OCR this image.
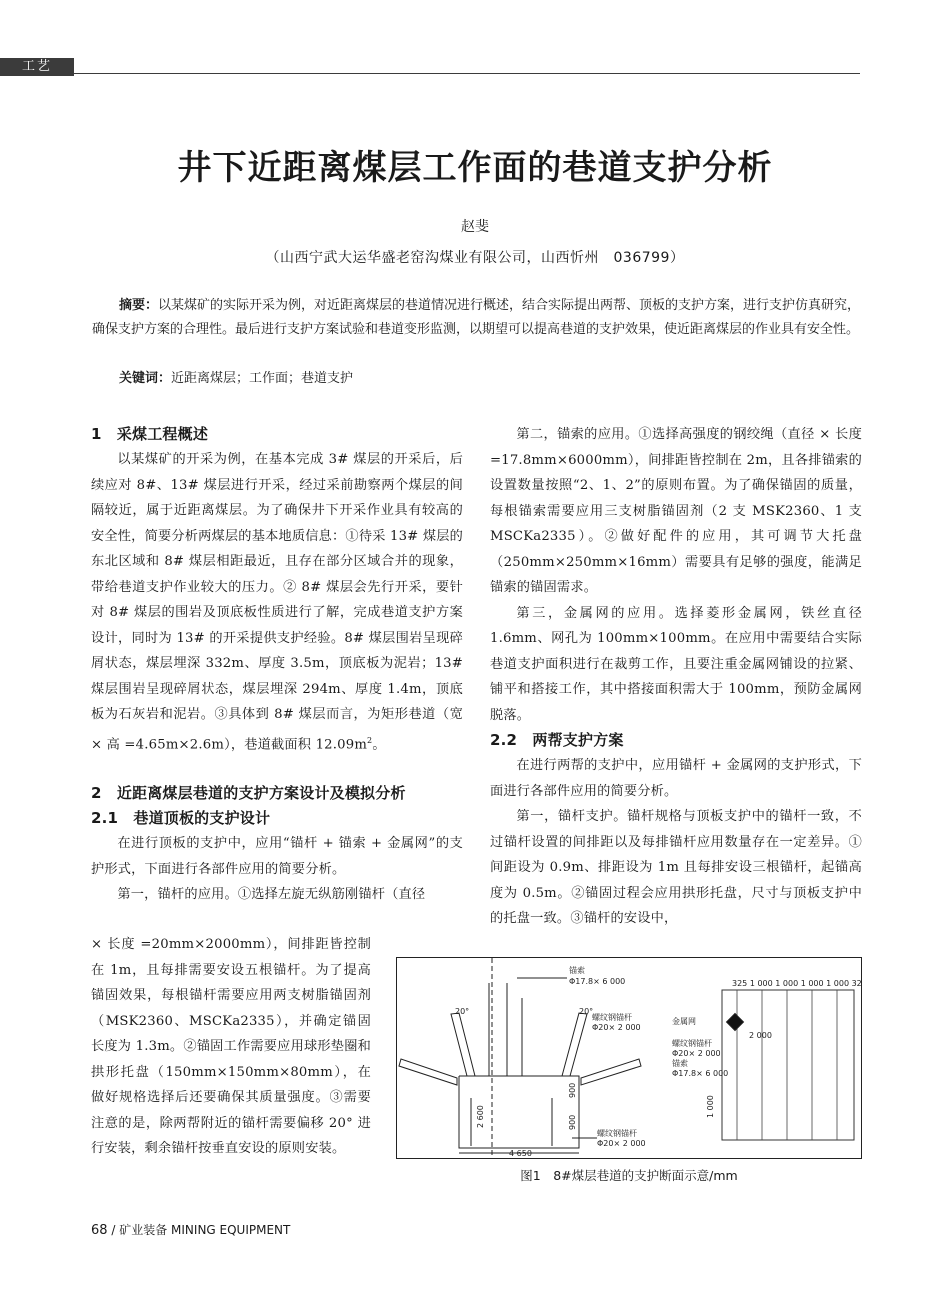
工艺
井下近距离煤层工作面的巷道支护分析
赵斐
（山西宁武大运华盛老窑沟煤业有限公司，山西忻州　036799）
摘要：以某煤矿的实际开采为例，对近距离煤层的巷道情况进行概述，结合实际提出两帮、顶板的支护方案，进行支护仿真研究，确保支护方案的合理性。最后进行支护方案试验和巷道变形监测，以期望可以提高巷道的支护效果，使近距离煤层的作业具有安全性。
关键词：近距离煤层；工作面；巷道支护
1　采煤工程概述

以某煤矿的开采为例，在基本完成 3# 煤层的开采后，后续应对 8#、13# 煤层进行开采，经过采前勘察两个煤层的间隔较近，属于近距离煤层。为了确保井下开采作业具有较高的安全性，简要分析两煤层的基本地质信息：①待采 13# 煤层的东北区域和 8# 煤层相距最近，且存在部分区域合并的现象，带给巷道支护作业较大的压力。② 8# 煤层会先行开采，要针对 8# 煤层的围岩及顶底板性质进行了解，完成巷道支护方案设计，同时为 13# 的开采提供支护经验。8# 煤层围岩呈现碎屑状态，煤层埋深 332m、厚度 3.5m，顶底板为泥岩；13# 煤层围岩呈现碎屑状态，煤层埋深 294m、厚度 1.4m，顶底板为石灰岩和泥岩。③具体到 8# 煤层而言，为矩形巷道（宽 × 高 =4.65m×2.6m），巷道截面积 $12.09m^2$。

2　近距离煤层巷道的支护方案设计及模拟分析
2.1　巷道顶板的支护设计

在进行顶板的支护中，应用“锚杆 + 锚索 + 金属网”的支护形式，下面进行各部件应用的简要分析。

第一，锚杆的应用。①选择左旋无纵筋刚锚杆（直径

× 长度 =20mm×2000mm），间排距皆控制在 1m，且每排需要安设五根锚杆。为了提高锚固效果，每根锚杆需要应用两支树脂锚固剂（MSK2360、MSCKa2335），并确定锚固长度为 1.3m。②锚固工作需要应用球形垫圈和拱形托盘（150mm×150mm×80mm），在做好规格选择后还要确保其质量强度。③需要注意的是，除两帮附近的锚杆需要偏移 20° 进行安装，剩余锚杆按垂直安设的原则安装。

第二，锚索的应用。①选择高强度的钢绞绳（直径 × 长度 =17.8mm×6000mm），间排距皆控制在 2m，且各排锚索的设置数量按照“2、1、2”的原则布置。为了确保锚固的质量，每根锚索需要应用三支树脂锚固剂（2 支 MSK2360、1 支 MSCKa2335）。②做好配件的应用，其可调节大托盘（250mm×250mm×16mm）需要具有足够的强度，能满足锚索的锚固需求。

第三，金属网的应用。选择菱形金属网，铁丝直径 1.6mm、网孔为 100mm×100mm。在应用中需要结合实际巷道支护面积进行在裁剪工作，且要注重金属网铺设的拉紧、铺平和搭接工作，其中搭接面积需大于 100mm，预防金属网脱落。

2.2　两帮支护方案

在进行两帮的支护中，应用锚杆 + 金属网的支护形式，下面进行各部件应用的简要分析。

第一，锚杆支护。锚杆规格与顶板支护中的锚杆一致，不过锚杆设置的间排距以及每排锚杆应用数量存在一定差异。①间距设为 0.9m、排距设为 1m 且每排安设三根锚杆，起锚高度为 0.5m。②锚固过程会应用拱形托盘，尺寸与顶板支护中的托盘一致。③锚杆的安设中，

锚索
Φ17.8× 6 000
螺纹钢锚杆
Φ20× 2 000
20°	20°
2 600
900
900
4 650
螺纹钢锚杆
Φ20× 2 000
金属网
螺纹钢锚杆
Φ20× 2 000
锚索
Φ17.8× 6 000
325 1 000 1 000 1 000 1 000 325
2 000
1 000
图1　8#煤层巷道的支护断面示意/mm
68 / 矿业装备 MINING EQUIPMENT
